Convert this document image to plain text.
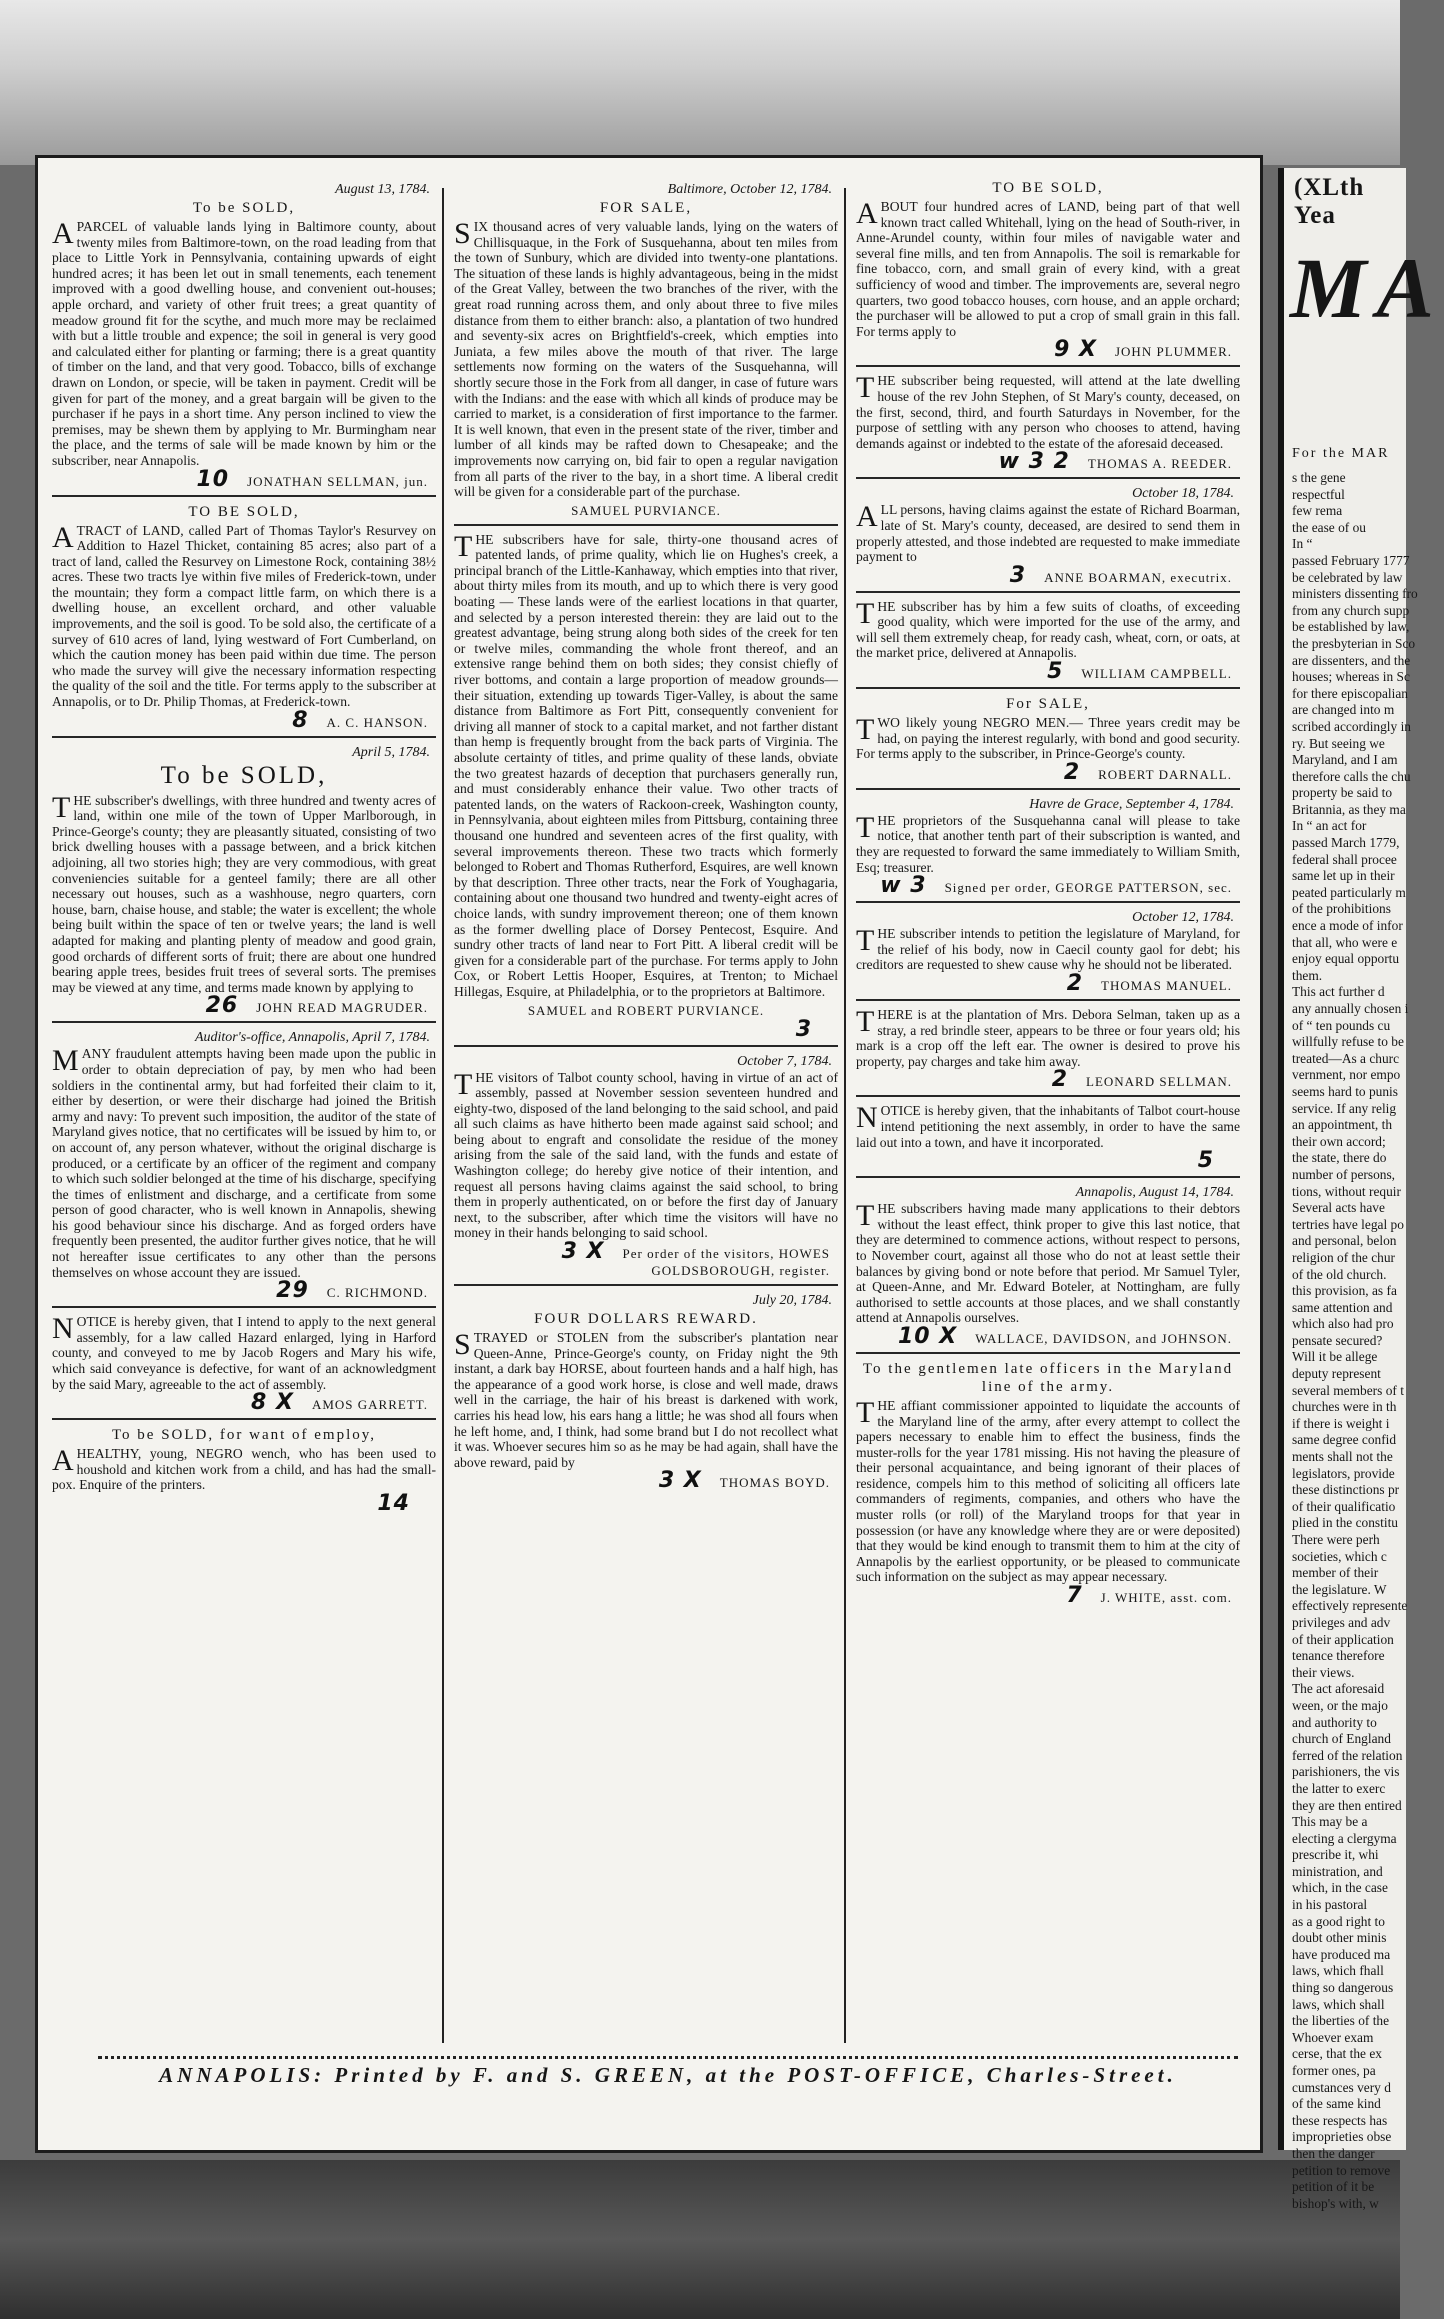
August 13, 1784.
To be SOLD,

APARCEL of valuable lands lying in Baltimore county, about twenty miles from Baltimore-town, on the road leading from that place to Little York in Pennsylvania, containing upwards of eight hundred acres; it has been let out in small tenements, each tenement improved with a good dwelling house, and convenient out-houses; apple orchard, and variety of other fruit trees; a great quantity of meadow ground fit for the scythe, and much more may be reclaimed with but a little trouble and expence; the soil in general is very good and calculated either for planting or farming; there is a great quantity of timber on the land, and that very good. Tobacco, bills of exchange drawn on London, or specie, will be taken in payment. Credit will be given for part of the money, and a great bargain will be given to the purchaser if he pays in a short time. Any person inclined to view the premises, may be shewn them by applying to Mr. Burmingham near the place, and the terms of sale will be made known by him or the subscriber, near Annapolis.

10 JONATHAN SELLMAN, jun.
TO BE SOLD,

ATRACT of LAND, called Part of Thomas Taylor's Resurvey on Addition to Hazel Thicket, containing 85 acres; also part of a tract of land, called the Resurvey on Limestone Rock, containing 38½ acres. These two tracts lye within five miles of Frederick-town, under the mountain; they form a compact little farm, on which there is a dwelling house, an excellent orchard, and other valuable improvements, and the soil is good. To be sold also, the certificate of a survey of 610 acres of land, lying westward of Fort Cumberland, on which the caution money has been paid within due time. The person who made the survey will give the necessary information respecting the quality of the soil and the title. For terms apply to the subscriber at Annapolis, or to Dr. Philip Thomas, at Frederick-town.

8 A. C. HANSON.
April 5, 1784.
To be SOLD,

THE subscriber's dwellings, with three hundred and twenty acres of land, within one mile of the town of Upper Marlborough, in Prince-George's county; they are pleasantly situated, consisting of two brick dwelling houses with a passage between, and a brick kitchen adjoining, all two stories high; they are very commodious, with great conveniencies suitable for a genteel family; there are all other necessary out houses, such as a washhouse, negro quarters, corn house, barn, chaise house, and stable; the water is excellent; the whole being built within the space of ten or twelve years; the land is well adapted for making and planting plenty of meadow and good grain, good orchards of different sorts of fruit; there are about one hundred bearing apple trees, besides fruit trees of several sorts. The premises may be viewed at any time, and terms made known by applying to

26 JOHN READ MAGRUDER.
Auditor's-office, Annapolis, April 7, 1784.

MANY fraudulent attempts having been made upon the public in order to obtain depreciation of pay, by men who had been soldiers in the continental army, but had forfeited their claim to it, either by desertion, or were their discharge had joined the British army and navy: To prevent such imposition, the auditor of the state of Maryland gives notice, that no certificates will be issued by him to, or on account of, any person whatever, without the original discharge is produced, or a certificate by an officer of the regiment and company to which such soldier belonged at the time of his discharge, specifying the times of enlistment and discharge, and a certificate from some person of good character, who is well known in Annapolis, shewing his good behaviour since his discharge. And as forged orders have frequently been presented, the auditor further gives notice, that he will not hereafter issue certificates to any other than the persons themselves on whose account they are issued.

29 C. RICHMOND.

NOTICE is hereby given, that I intend to apply to the next general assembly, for a law called Hazard enlarged, lying in Harford county, and conveyed to me by Jacob Rogers and Mary his wife, which said conveyance is defective, for want of an acknowledgment by the said Mary, agreeable to the act of assembly.

8 X AMOS GARRETT.
To be SOLD, for want of employ,

AHEALTHY, young, NEGRO wench, who has been used to houshold and kitchen work from a child, and has had the small-pox. Enquire of the printers.

14
Baltimore, October 12, 1784.
FOR SALE,

SIX thousand acres of very valuable lands, lying on the waters of Chillisquaque, in the Fork of Susquehanna, about ten miles from the town of Sunbury, which are divided into twenty-one plantations. The situation of these lands is highly advantageous, being in the midst of the Great Valley, between the two branches of the river, with the great road running across them, and only about three to five miles distance from them to either branch: also, a plantation of two hundred and seventy-six acres on Brightfield's-creek, which empties into Juniata, a few miles above the mouth of that river. The large settlements now forming on the waters of the Susquehanna, will shortly secure those in the Fork from all danger, in case of future wars with the Indians: and the ease with which all kinds of produce may be carried to market, is a consideration of first importance to the farmer. It is well known, that even in the present state of the river, timber and lumber of all kinds may be rafted down to Chesapeake; and the improvements now carrying on, bid fair to open a regular navigation from all parts of the river to the bay, in a short time. A liberal credit will be given for a considerable part of the purchase.

SAMUEL PURVIANCE.

THE subscribers have for sale, thirty-one thousand acres of patented lands, of prime quality, which lie on Hughes's creek, a principal branch of the Little-Kanhaway, which empties into that river, about thirty miles from its mouth, and up to which there is very good boating — These lands were of the earliest locations in that quarter, and selected by a person interested therein: they are laid out to the greatest advantage, being strung along both sides of the creek for ten or twelve miles, commanding the whole front thereof, and an extensive range behind them on both sides; they consist chiefly of river bottoms, and contain a large proportion of meadow grounds—their situation, extending up towards Tiger-Valley, is about the same distance from Baltimore as Fort Pitt, consequently convenient for driving all manner of stock to a capital market, and not farther distant than hemp is frequently brought from the back parts of Virginia. The absolute certainty of titles, and prime quality of these lands, obviate the two greatest hazards of deception that purchasers generally run, and must considerably enhance their value. Two other tracts of patented lands, on the waters of Rackoon-creek, Washington county, in Pennsylvania, about eighteen miles from Pittsburg, containing three thousand one hundred and seventeen acres of the first quality, with several improvements thereon. These two tracts which formerly belonged to Robert and Thomas Rutherford, Esquires, are well known by that description. Three other tracts, near the Fork of Youghagaria, containing about one thousand two hundred and twenty-eight acres of choice lands, with sundry improvement thereon; one of them known as the former dwelling place of Dorsey Pentecost, Esquire. And sundry other tracts of land near to Fort Pitt. A liberal credit will be given for a considerable part of the purchase. For terms apply to John Cox, or Robert Lettis Hooper, Esquires, at Trenton; to Michael Hillegas, Esquire, at Philadelphia, or to the proprietors at Baltimore.

SAMUEL and ROBERT PURVIANCE.
3
October 7, 1784.

THE visitors of Talbot county school, having in virtue of an act of assembly, passed at November session seventeen hundred and eighty-two, disposed of the land belonging to the said school, and paid all such claims as have hitherto been made against said school; and being about to engraft and consolidate the residue of the money arising from the sale of the said land, with the funds and estate of Washington college; do hereby give notice of their intention, and request all persons having claims against the said school, to bring them in properly authenticated, on or before the first day of January next, to the subscriber, after which time the visitors will have no money in their hands belonging to said school.

3 X Per order of the visitors, HOWES GOLDSBOROUGH, register.
July 20, 1784.
FOUR DOLLARS REWARD.

STRAYED or STOLEN from the subscriber's plantation near Queen-Anne, Prince-George's county, on Friday night the 9th instant, a dark bay HORSE, about fourteen hands and a half high, has the appearance of a good work horse, is close and well made, draws well in the carriage, the hair of his breast is darkened with work, carries his head low, his ears hang a little; he was shod all fours when he left home, and, I think, had some brand but I do not recollect what it was. Whoever secures him so as he may be had again, shall have the above reward, paid by

3 X THOMAS BOYD.
TO BE SOLD,

ABOUT four hundred acres of LAND, being part of that well known tract called Whitehall, lying on the head of South-river, in Anne-Arundel county, within four miles of navigable water and several fine mills, and ten from Annapolis. The soil is remarkable for fine tobacco, corn, and small grain of every kind, with a great sufficiency of wood and timber. The improvements are, several negro quarters, two good tobacco houses, corn house, and an apple orchard; the purchaser will be allowed to put a crop of small grain in this fall. For terms apply to

9 X JOHN PLUMMER.

THE subscriber being requested, will attend at the late dwelling house of the rev John Stephen, of St Mary's county, deceased, on the first, second, third, and fourth Saturdays in November, for the purpose of settling with any person who chooses to attend, having demands against or indebted to the estate of the aforesaid deceased.

w 3 2 THOMAS A. REEDER.
October 18, 1784.

ALL persons, having claims against the estate of Richard Boarman, late of St. Mary's county, deceased, are desired to send them in properly attested, and those indebted are requested to make immediate payment to

3 ANNE BOARMAN, executrix.

THE subscriber has by him a few suits of cloaths, of exceeding good quality, which were imported for the use of the army, and will sell them extremely cheap, for ready cash, wheat, corn, or oats, at the market price, delivered at Annapolis.

5 WILLIAM CAMPBELL.
For SALE,

TWO likely young NEGRO MEN.— Three years credit may be had, on paying the interest regularly, with bond and good security. For terms apply to the subscriber, in Prince-George's county.

2 ROBERT DARNALL.
Havre de Grace, September 4, 1784.

THE proprietors of the Susquehanna canal will please to take notice, that another tenth part of their subscription is wanted, and they are requested to forward the same immediately to William Smith, Esq; treasurer.

w 3 Signed per order, GEORGE PATTERSON, sec.
October 12, 1784.

THE subscriber intends to petition the legislature of Maryland, for the relief of his body, now in Caecil county gaol for debt; his creditors are requested to shew cause why he should not be liberated.

2 THOMAS MANUEL.

THERE is at the plantation of Mrs. Debora Selman, taken up as a stray, a red brindle steer, appears to be three or four years old; his mark is a crop off the left ear. The owner is desired to prove his property, pay charges and take him away.

2 LEONARD SELLMAN.

NOTICE is hereby given, that the inhabitants of Talbot court-house intend petitioning the next assembly, in order to have the same laid out into a town, and have it incorporated.

5
Annapolis, August 14, 1784.

THE subscribers having made many applications to their debtors without the least effect, think proper to give this last notice, that they are determined to commence actions, without respect to persons, to November court, against all those who do not at least settle their balances by giving bond or note before that period. Mr Samuel Tyler, at Queen-Anne, and Mr. Edward Boteler, at Nottingham, are fully authorised to settle accounts at those places, and we shall constantly attend at Annapolis ourselves.

10 X WALLACE, DAVIDSON, and JOHNSON.
To the gentlemen late officers in the Maryland line of the army.

THE affiant commissioner appointed to liquidate the accounts of the Maryland line of the army, after every attempt to collect the papers necessary to enable him to effect the business, finds the muster-rolls for the year 1781 missing. His not having the pleasure of their personal acquaintance, and being ignorant of their places of residence, compels him to this method of soliciting all officers late commanders of regiments, companies, and others who have the muster rolls (or roll) of the Maryland troops for that year in possession (or have any knowledge where they are or were deposited) that they would be kind enough to transmit them to him at the city of Annapolis by the earliest opportunity, or be pleased to communicate such information on the subject as may appear necessary.

7 J. WHITE, asst. com.
ANNAPOLIS: Printed by F. and S. GREEN, at the POST-OFFICE, Charles-Street.
(XLth Yea
MA
For the MAR
s the gene
respectful
few rema
the ease of ou
In “
passed February 1777
be celebrated by law
ministers dissenting fro
from any church supp
be established by law,
the presbyterian in Sco
are dissenters, and the
houses; whereas in Sc
for there episcopalian
are changed into m
scribed accordingly in
ry. But seeing we
Maryland, and I am
therefore calls the chu
property be said to
Britannia, as they ma
In “ an act for
passed March 1779,
federal shall procee
same let up in their
peated particularly m
of the prohibitions
ence a mode of infor
that all, who were e
enjoy equal opportu
them.
This act further d
any annually chosen i
of “ ten pounds cu
willfully refuse to be
treated—As a churc
vernment, nor empo
seems hard to punis
service. If any relig
an appointment, th
their own accord;
the state, there do
number of persons,
tions, without requir
Several acts have
tertries have legal po
and personal, belon
religion of the chur
of the old church.
this provision, as fa
same attention and
which also had pro
pensate secured?
Will it be allege
deputy represent
several members of t
churches were in th
if there is weight i
same degree confid
ments shall not the
legislators, provide
these distinctions pr
of their qualificatio
plied in the constitu
There were perh
societies, which c
member of their
the legislature. W
effectively represente
privileges and adv
of their application
tenance therefore
their views.
The act aforesaid
ween, or the majo
and authority to
church of England
ferred of the relation
parishioners, the vis
the latter to exerc
they are then entired
This may be a
electing a clergyma
prescribe it, whi
ministration, and
which, in the case
in his pastoral
as a good right to
doubt other minis
have produced ma
laws, which fhall
thing so dangerous
laws, which shall
the liberties of the
Whoever exam
cerse, that the ex
former ones, pa
cumstances very d
of the same kind
these respects has
improprieties obse
then the danger
petition to remove
petition of it be
bishop's with, w
